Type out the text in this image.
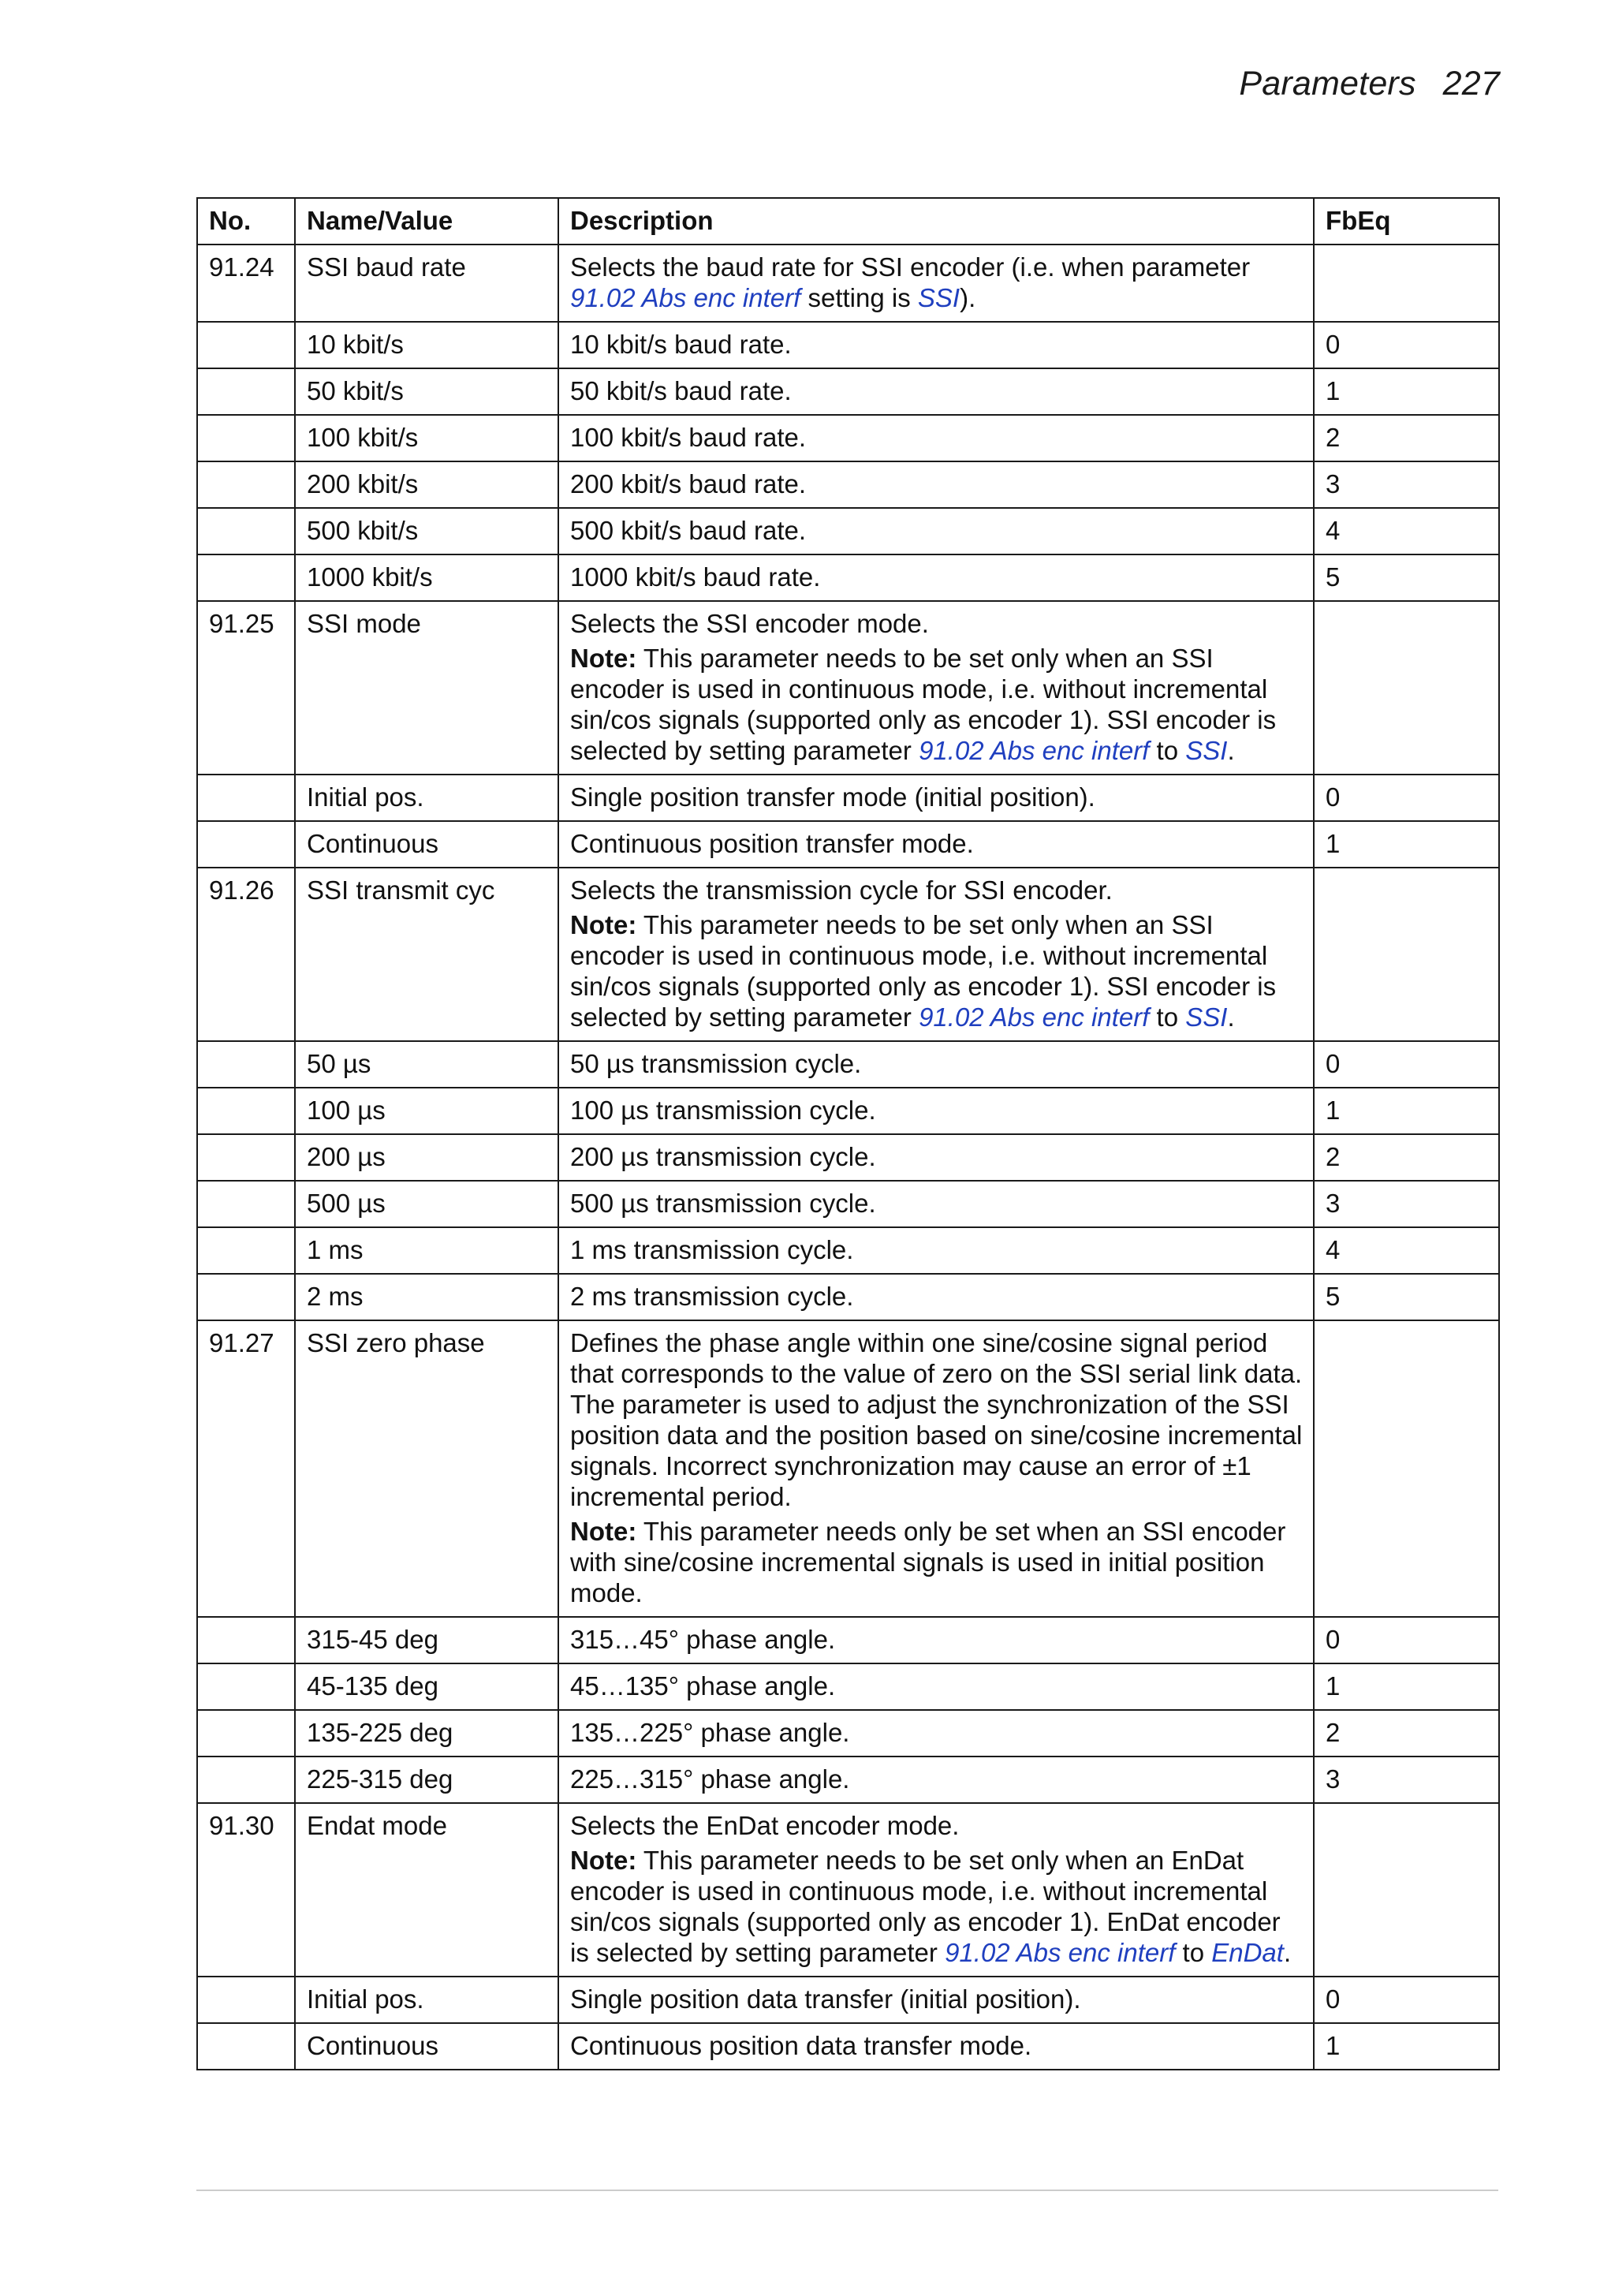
Parameters 227
No.	Name/Value	Description	FbEq
91.24	SSI baud rate	Selects the baud rate for SSI encoder (i.e. when parameter 91.02 Abs enc interf setting is SSI).	

	10 kbit/s	10 kbit/s baud rate.	0
	50 kbit/s	50 kbit/s baud rate.	1
	100 kbit/s	100 kbit/s baud rate.	2
	200 kbit/s	200 kbit/s baud rate.	3
	500 kbit/s	500 kbit/s baud rate.	4
	1000 kbit/s	1000 kbit/s baud rate.	5
91.25	SSI mode	Selects the SSI encoder mode.
Note: This parameter needs to be set only when an SSI encoder is used in continuous mode, i.e. without incremental sin/cos signals (supported only as encoder 1). SSI encoder is selected by setting parameter 91.02 Abs enc interf to SSI.	

	Initial pos.	Single position transfer mode (initial position).	0
	Continuous	Continuous position transfer mode.	1
91.26	SSI transmit cyc	Selects the transmission cycle for SSI encoder.
Note: This parameter needs to be set only when an SSI encoder is used in continuous mode, i.e. without incremental sin/cos signals (supported only as encoder 1). SSI encoder is selected by setting parameter 91.02 Abs enc interf to SSI.	

	50 µs	50 µs transmission cycle.	0
	100 µs	100 µs transmission cycle.	1
	200 µs	200 µs transmission cycle.	2
	500 µs	500 µs transmission cycle.	3
	1 ms	1 ms transmission cycle.	4
	2 ms	2 ms transmission cycle.	5
91.27	SSI zero phase	Defines the phase angle within one sine/cosine signal period that corresponds to the value of zero on the SSI serial link data. The parameter is used to adjust the synchronization of the SSI position data and the position based on sine/cosine incremental signals. Incorrect synchronization may cause an error of ±1 incremental period.
Note: This parameter needs only be set when an SSI encoder with sine/cosine incremental signals is used in initial position mode.	

	315-45 deg	315…45° phase angle.	0
	45-135 deg	45…135° phase angle.	1
	135-225 deg	135…225° phase angle.	2
	225-315 deg	225…315° phase angle.	3
91.30	Endat mode	Selects the EnDat encoder mode.
Note: This parameter needs to be set only when an EnDat encoder is used in continuous mode, i.e. without incremental sin/cos signals (supported only as encoder 1). EnDat encoder is selected by setting parameter 91.02 Abs enc interf to EnDat.	

	Initial pos.	Single position data transfer (initial position).	0
	Continuous	Continuous position data transfer mode.	1
